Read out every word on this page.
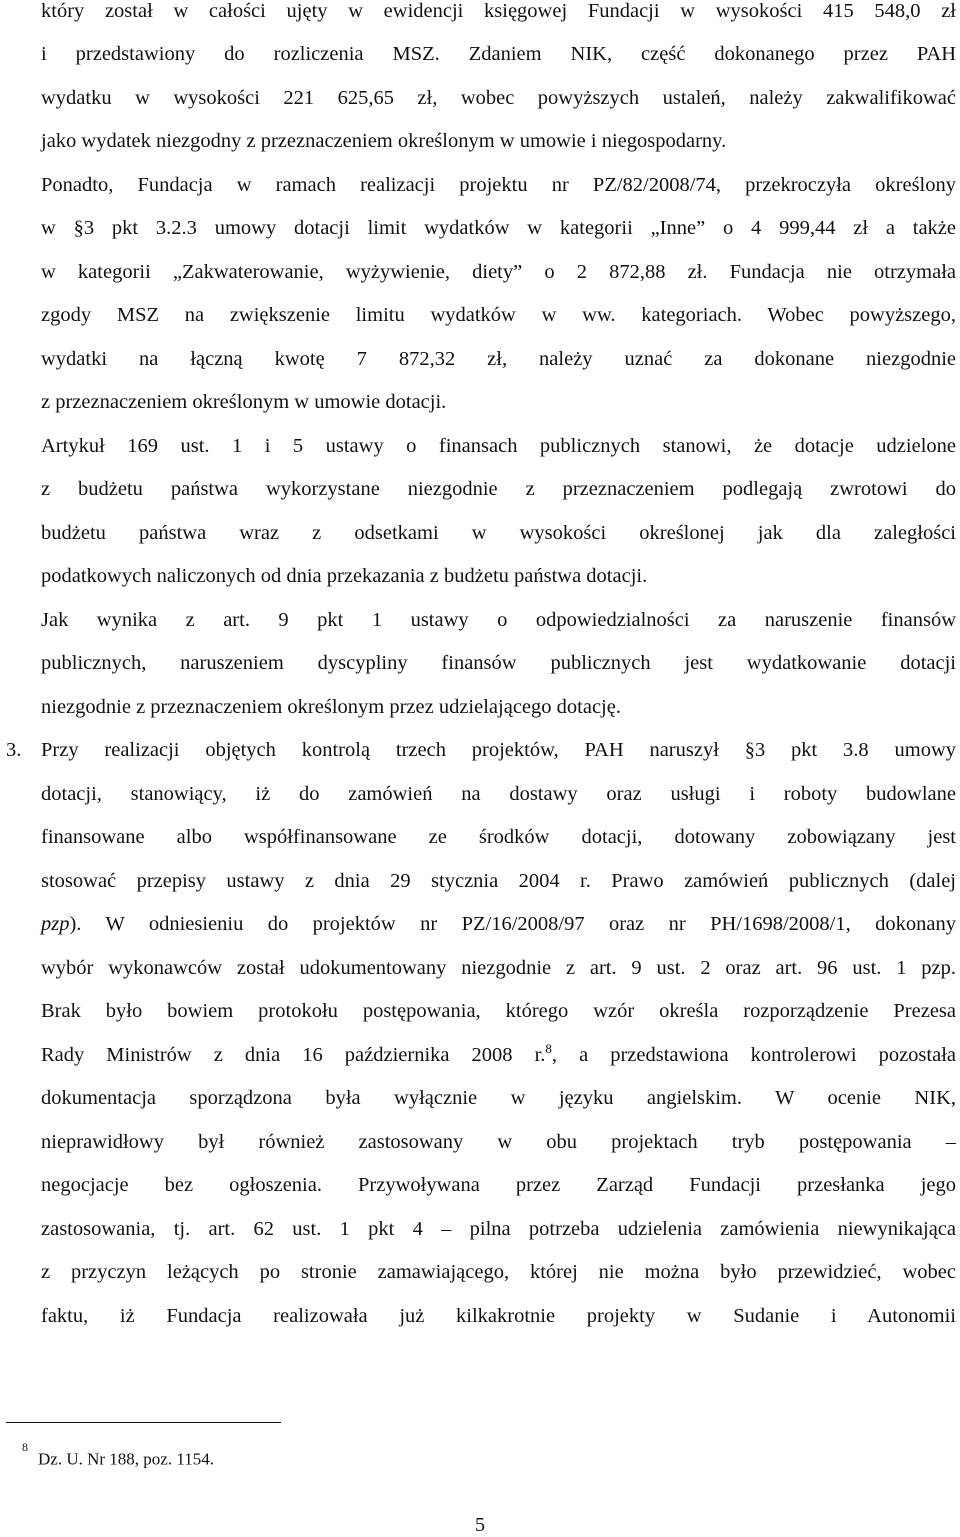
który został w całości ujęty w ewidencji księgowej Fundacji w wysokości 415 548,0 zł
i przedstawiony do rozliczenia MSZ. Zdaniem NIK, część dokonanego przez PAH
wydatku w wysokości 221 625,65 zł, wobec powyższych ustaleń, należy zakwalifikować
jako wydatek niezgodny z przeznaczeniem określonym w umowie i niegospodarny.
Ponadto, Fundacja w ramach realizacji projektu nr PZ/82/2008/74, przekroczyła określony
w §3 pkt 3.2.3 umowy dotacji limit wydatków w kategorii „Inne” o 4 999,44 zł a także
w kategorii „Zakwaterowanie, wyżywienie, diety” o 2 872,88 zł. Fundacja nie otrzymała
zgody MSZ na zwiększenie limitu wydatków w ww. kategoriach. Wobec powyższego,
wydatki na łączną kwotę 7 872,32 zł, należy uznać za dokonane niezgodnie
z przeznaczeniem określonym w umowie dotacji.
Artykuł 169 ust. 1 i 5 ustawy o finansach publicznych stanowi, że dotacje udzielone
z budżetu państwa wykorzystane niezgodnie z przeznaczeniem podlegają zwrotowi do
budżetu państwa wraz z odsetkami w wysokości określonej jak dla zaległości
podatkowych naliczonych od dnia przekazania z budżetu państwa dotacji.
Jak wynika z art. 9 pkt 1 ustawy o odpowiedzialności za naruszenie finansów
publicznych, naruszeniem dyscypliny finansów publicznych jest wydatkowanie dotacji
niezgodnie z przeznaczeniem określonym przez udzielającego dotację.
3. Przy realizacji objętych kontrolą trzech projektów, PAH naruszył §3 pkt 3.8 umowy
dotacji, stanowiący, iż do zamówień na dostawy oraz usługi i roboty budowlane
finansowane albo współfinansowane ze środków dotacji, dotowany zobowiązany jest
stosować przepisy ustawy z dnia 29 stycznia 2004 r. Prawo zamówień publicznych (dalej
pzp). W odniesieniu do projektów nr PZ/16/2008/97 oraz nr PH/1698/2008/1, dokonany
wybór wykonawców został udokumentowany niezgodnie z art. 9 ust. 2 oraz art. 96 ust. 1 pzp.
Brak było bowiem protokołu postępowania, którego wzór określa rozporządzenie Prezesa
Rady Ministrów z dnia 16 października 2008 r.$^8$, a przedstawiona kontrolerowi pozostała
dokumentacja sporządzona była wyłącznie w języku angielskim. W ocenie NIK,
nieprawidłowy był również zastosowany w obu projektach tryb postępowania –
negocjacje bez ogłoszenia. Przywoływana przez Zarząd Fundacji przesłanka jego
zastosowania, tj. art. 62 ust. 1 pkt 4 – pilna potrzeba udzielenia zamówienia niewynikająca
z przyczyn leżących po stronie zamawiającego, której nie można było przewidzieć, wobec
faktu, iż Fundacja realizowała już kilkakrotnie projekty w Sudanie i Autonomii
$^8$Dz. U. Nr 188, poz. 1154.
5
